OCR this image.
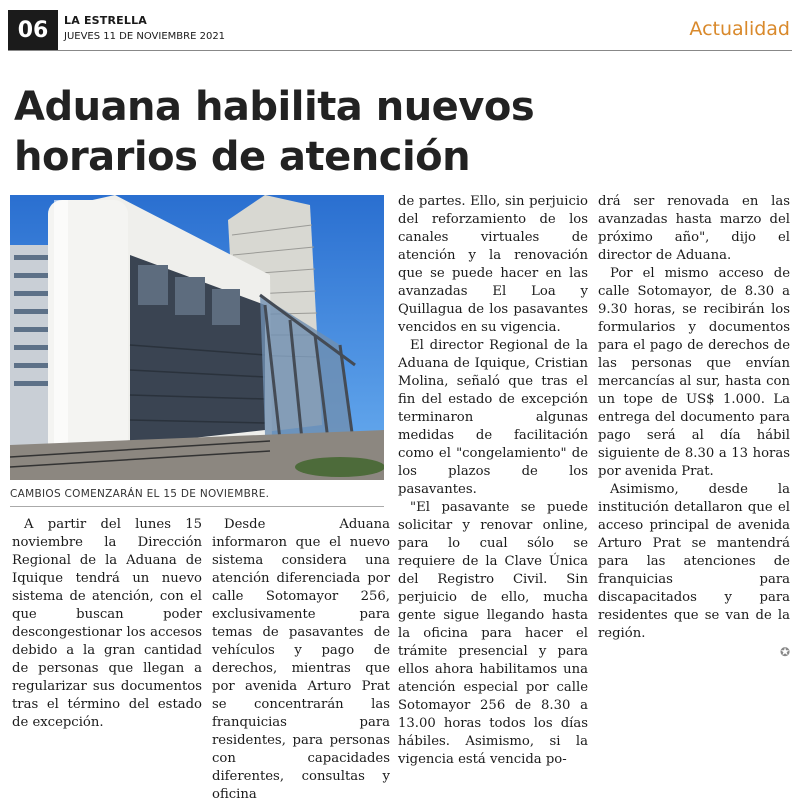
06	LA ESTRELLA
JUEVES 11 DE NOVIEMBRE 2021	Actualidad
Aduana habilita nuevos horarios de atención
CAMBIOS COMENZARÁN EL 15 DE NOVIEMBRE.

A partir del lunes 15 noviembre la Dirección Regional de la Aduana de Iquique tendrá un nuevo sistema de atención, con el que buscan poder descongestionar los accesos debido a la gran cantidad de personas que llegan a regularizar sus documentos tras el término del estado de excepción.

Desde Aduana informaron que el nuevo sistema considera una atención diferenciada por calle Sotomayor 256, exclusivamente para temas de pasavantes de vehículos y pago de derechos, mientras que por avenida Arturo Prat se concentrarán las franquicias para residentes, para personas con capacidades diferentes, consultas y oficina

de partes. Ello, sin perjuicio del reforzamiento de los canales virtuales de atención y la renovación que se puede hacer en las avanzadas El Loa y Quillagua de los pasavantes vencidos en su vigencia.

El director Regional de la Aduana de Iquique, Cristian Molina, señaló que tras el fin del estado de excepción terminaron algunas medidas de facilitación como el "congelamiento" de los plazos de los pasavantes.

"El pasavante se puede solicitar y renovar online, para lo cual sólo se requiere de la Clave Única del Registro Civil. Sin perjuicio de ello, mucha gente sigue llegando hasta la oficina para hacer el trámite presencial y para ellos ahora habilitamos una atención especial por calle Sotomayor 256 de 8.30 a 13.00 horas todos los días hábiles. Asimismo, si la vigencia está vencida po-

drá ser renovada en las avanzadas hasta marzo del próximo año", dijo el director de Aduana.

Por el mismo acceso de calle Sotomayor, de 8.30 a 9.30 horas, se recibirán los formularios y documentos para el pago de derechos de las personas que envían mercancías al sur, hasta con un tope de US$ 1.000. La entrega del documento para pago será al día hábil siguiente de 8.30 a 13 horas por avenida Prat.

Asimismo, desde la institución detallaron que el acceso principal de avenida Arturo Prat se mantendrá para las atenciones de franquicias para discapacitados y para residentes que se van de la región.

✪
